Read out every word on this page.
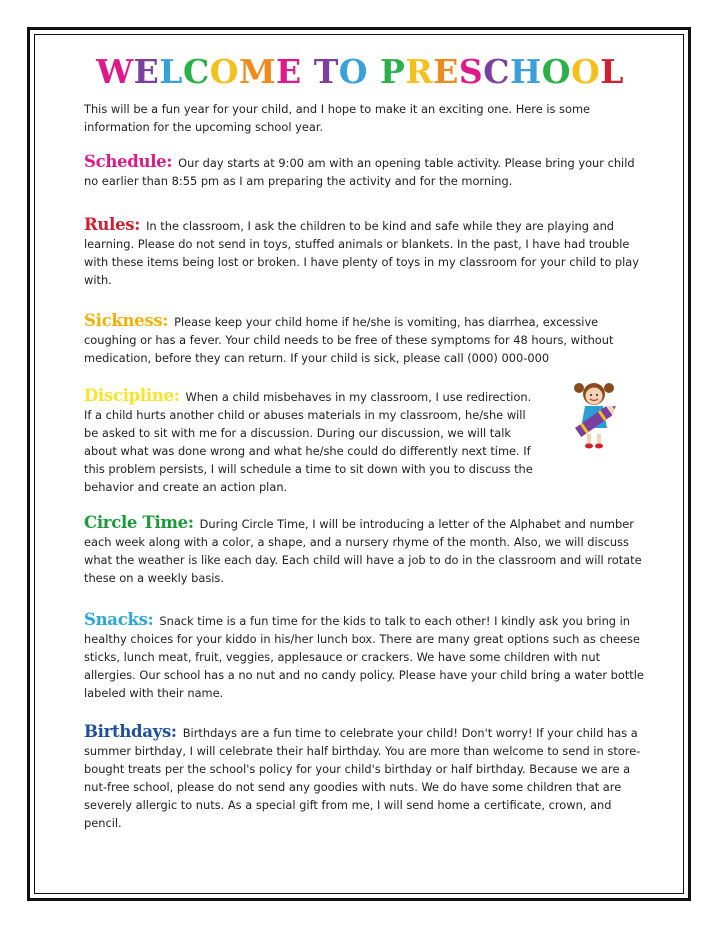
WELCOME TO PRESCHOOL

This will be a fun year for your child, and I hope to make it an exciting one. Here is some information for the upcoming school year.

Schedule: Our day starts at 9:00 am with an opening table activity. Please bring your child no earlier than 8:55 pm as I am preparing the activity and for the morning.

Rules: In the classroom, I ask the children to be kind and safe while they are playing and learning. Please do not send in toys, stuffed animals or blankets. In the past, I have had trouble with these items being lost or broken. I have plenty of toys in my classroom for your child to play with.

Sickness: Please keep your child home if he/she is vomiting, has diarrhea, excessive coughing or has a fever. Your child needs to be free of these symptoms for 48 hours, without medication, before they can return. If your child is sick, please call (000) 000-000

Discipline: When a child misbehaves in my classroom, I use redirection. If a child hurts another child or abuses materials in my classroom, he/she will be asked to sit with me for a discussion. During our discussion, we will talk about what was done wrong and what he/she could do differently next time. If this problem persists, I will schedule a time to sit down with you to discuss the behavior and create an action plan.

Circle Time: During Circle Time, I will be introducing a letter of the Alphabet and number each week along with a color, a shape, and a nursery rhyme of the month. Also, we will discuss what the weather is like each day. Each child will have a job to do in the classroom and will rotate these on a weekly basis.

Snacks: Snack time is a fun time for the kids to talk to each other! I kindly ask you bring in healthy choices for your kiddo in his/her lunch box. There are many great options such as cheese sticks, lunch meat, fruit, veggies, applesauce or crackers. We have some children with nut allergies. Our school has a no nut and no candy policy. Please have your child bring a water bottle labeled with their name.

Birthdays: Birthdays are a fun time to celebrate your child! Don't worry! If your child has a summer birthday, I will celebrate their half birthday. You are more than welcome to send in store-bought treats per the school's policy for your child's birthday or half birthday. Because we are a nut-free school, please do not send any goodies with nuts. We do have some children that are severely allergic to nuts. As a special gift from me, I will send home a certificate, crown, and pencil.
